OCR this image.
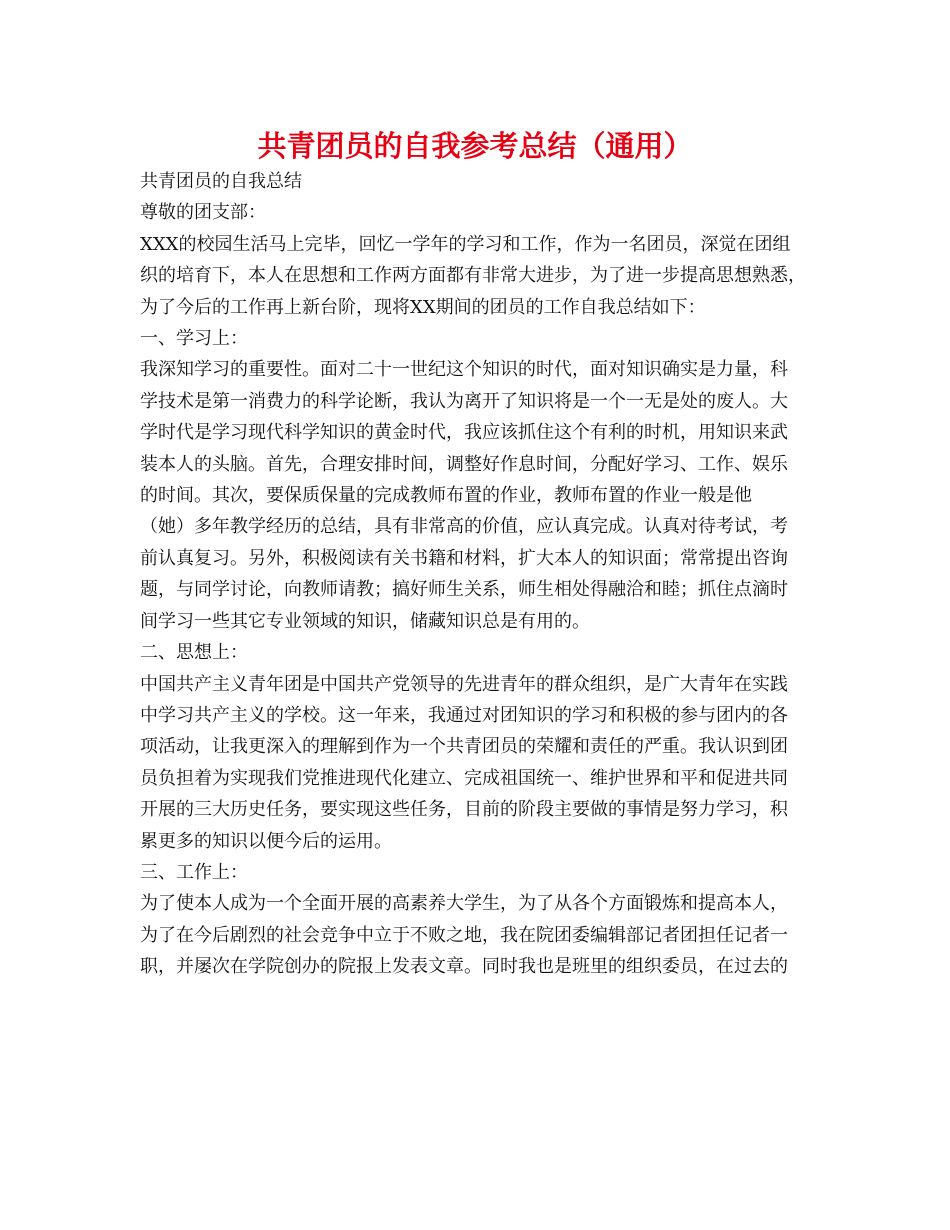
共青团员的自我参考总结（通用）

共青团员的自我总结

尊敬的团支部：

XXX的校园生活马上完毕，回忆一学年的学习和工作，作为一名团员，深觉在团组

织的培育下，本人在思想和工作两方面都有非常大进步，为了进一步提高思想熟悉，

为了今后的工作再上新台阶，现将XX期间的团员的工作自我总结如下：

一、学习上：

我深知学习的重要性。面对二十一世纪这个知识的时代，面对知识确实是力量，科

学技术是第一消费力的科学论断，我认为离开了知识将是一个一无是处的废人。大

学时代是学习现代科学知识的黄金时代，我应该抓住这个有利的时机，用知识来武

装本人的头脑。首先，合理安排时间，调整好作息时间，分配好学习、工作、娱乐

的时间。其次，要保质保量的完成教师布置的作业，教师布置的作业一般是他

（她）多年教学经历的总结，具有非常高的价值，应认真完成。认真对待考试，考

前认真复习。另外，积极阅读有关书籍和材料，扩大本人的知识面；常常提出咨询

题，与同学讨论，向教师请教；搞好师生关系，师生相处得融洽和睦；抓住点滴时

间学习一些其它专业领域的知识，储藏知识总是有用的。

二、思想上：

中国共产主义青年团是中国共产党领导的先进青年的群众组织，是广大青年在实践

中学习共产主义的学校。这一年来，我通过对团知识的学习和积极的参与团内的各

项活动，让我更深入的理解到作为一个共青团员的荣耀和责任的严重。我认识到团

员负担着为实现我们党推进现代化建立、完成祖国统一、维护世界和平和促进共同

开展的三大历史任务，要实现这些任务，目前的阶段主要做的事情是努力学习，积

累更多的知识以便今后的运用。

三、工作上：

为了使本人成为一个全面开展的高素养大学生，为了从各个方面锻炼和提高本人，

为了在今后剧烈的社会竞争中立于不败之地，我在院团委编辑部记者团担任记者一

职，并屡次在学院创办的院报上发表文章。同时我也是班里的组织委员，在过去的
